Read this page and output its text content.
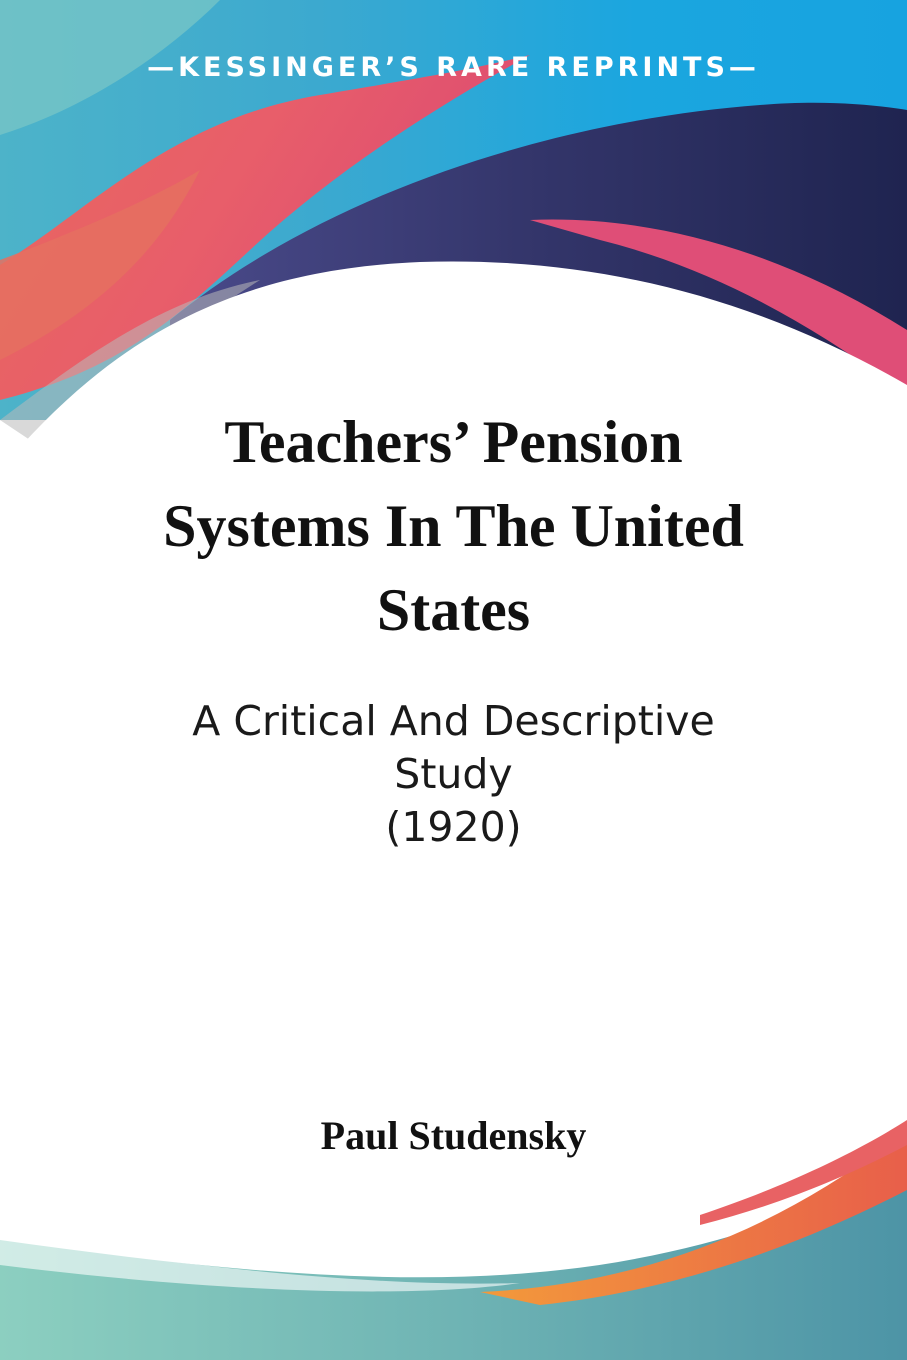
—KESSINGER’S RARE REPRINTS—
Teachers’ Pension
Systems In The United
States
A Critical And Descriptive
Study
(1920)
Paul Studensky
